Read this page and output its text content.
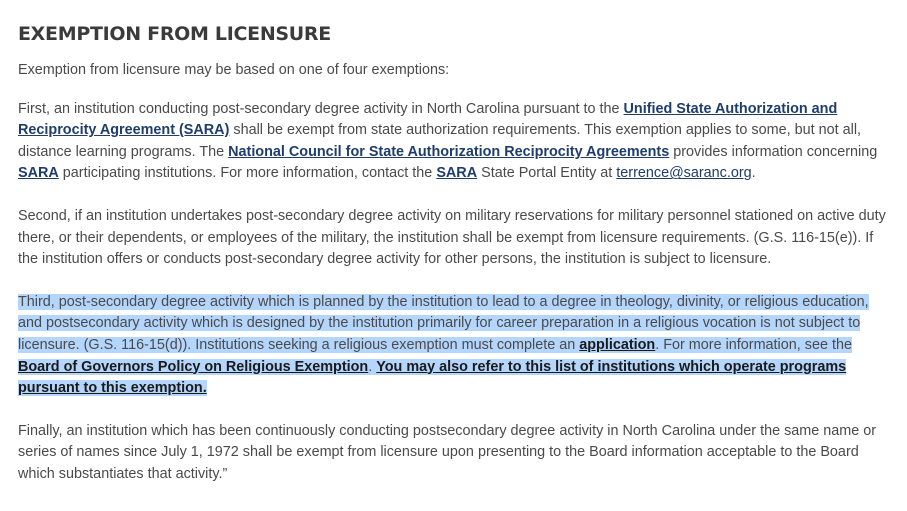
EXEMPTION FROM LICENSURE

Exemption from licensure may be based on one of four exemptions:

First, an institution conducting post-secondary degree activity in North Carolina pursuant to the Unified State Authorization and Reciprocity Agreement (SARA) shall be exempt from state authorization requirements. This exemption applies to some, but not all, distance learning programs. The National Council for State Authorization Reciprocity Agreements provides information concerning SARA participating institutions. For more information, contact the SARA State Portal Entity at terrence@saranc.org.

Second, if an institution undertakes post-secondary degree activity on military reservations for military personnel stationed on active duty there, or their dependents, or employees of the military, the institution shall be exempt from licensure requirements. (G.S. 116-15(e)). If the institution offers or conducts post-secondary degree activity for other persons, the institution is subject to licensure.

Third, post-secondary degree activity which is planned by the institution to lead to a degree in theology, divinity, or religious education, and postsecondary activity which is designed by the institution primarily for career preparation in a religious vocation is not subject to licensure. (G.S. 116-15(d)). Institutions seeking a religious exemption must complete an application. For more information, see the Board of Governors Policy on Religious Exemption. You may also refer to this list of institutions which operate programs pursuant to this exemption.

Finally, an institution which has been continuously conducting postsecondary degree activity in North Carolina under the same name or series of names since July 1, 1972 shall be exempt from licensure upon presenting to the Board information acceptable to the Board which substantiates that activity.”
